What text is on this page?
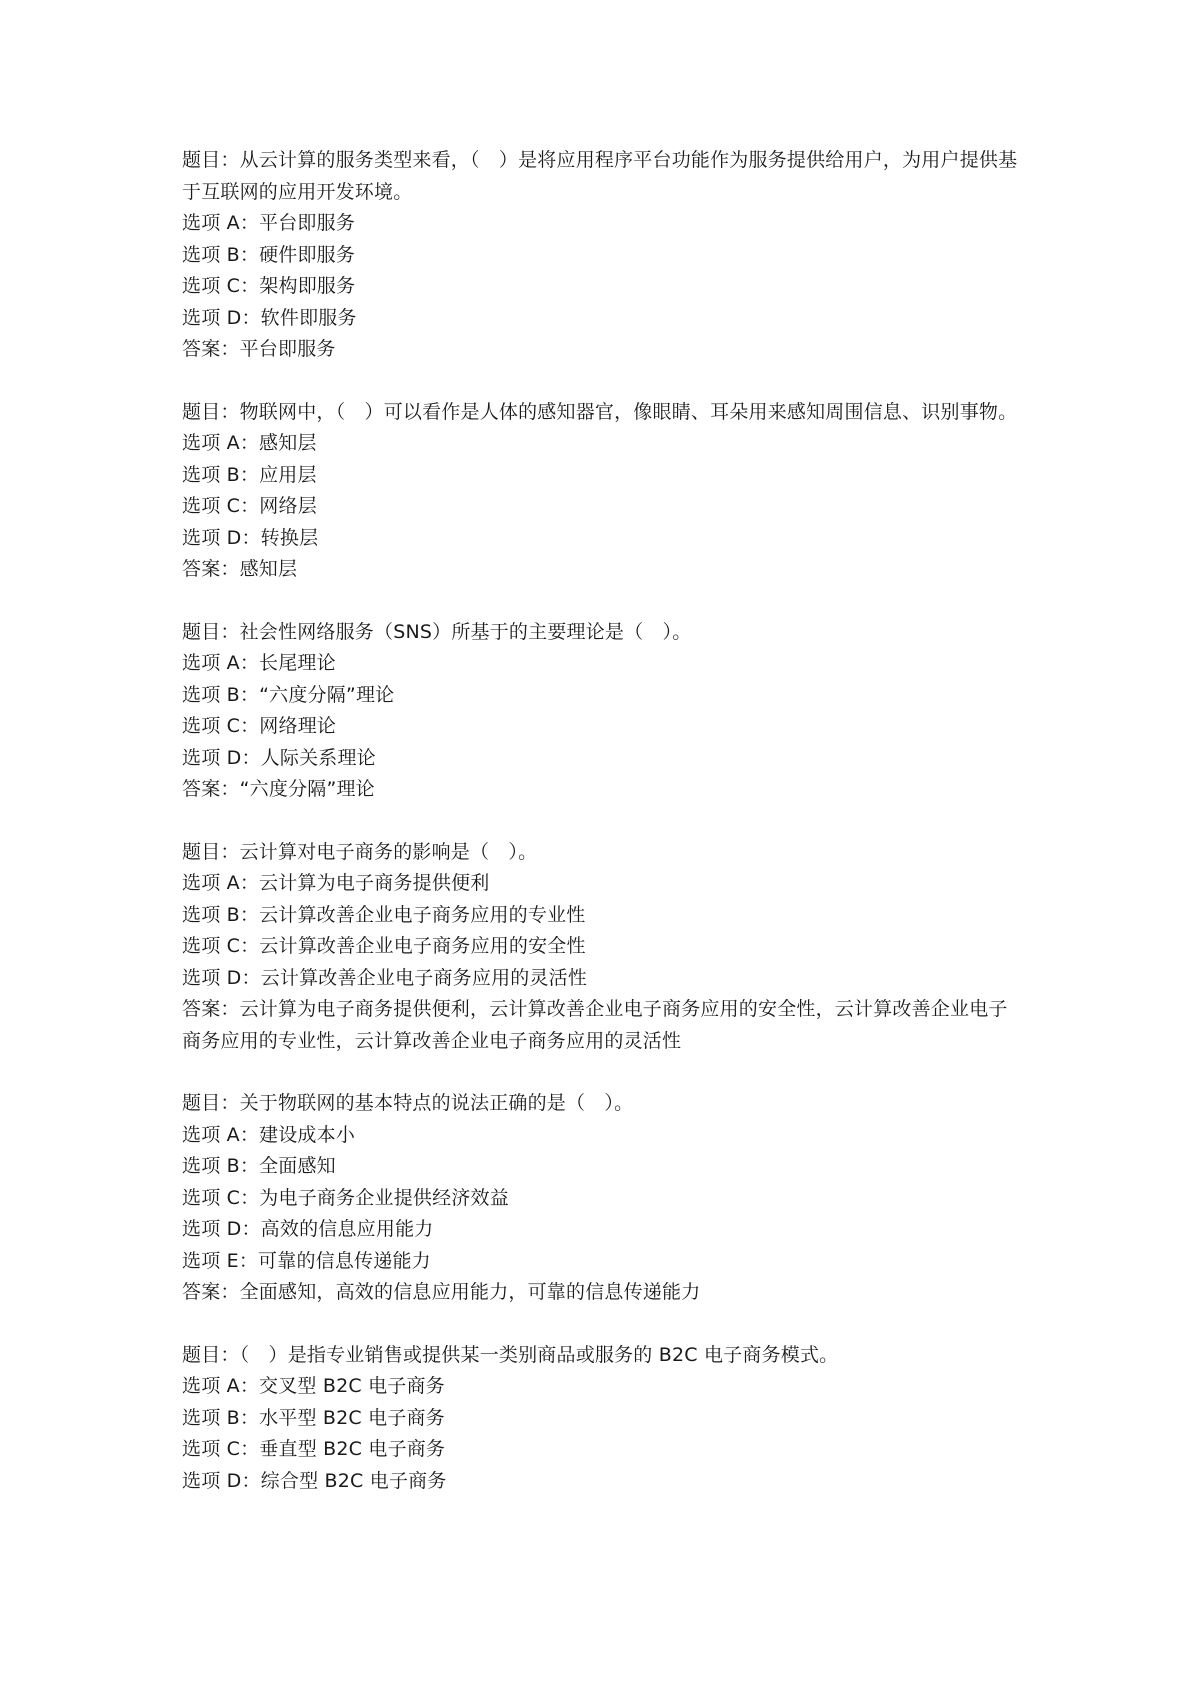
题目：从云计算的服务类型来看，（　）是将应用程序平台功能作为服务提供给用户，为用户提供基于互联网的应用开发环境。
选项 A：平台即服务
选项 B：硬件即服务
选项 C：架构即服务
选项 D：软件即服务
答案：平台即服务
题目：物联网中，（　）可以看作是人体的感知器官，像眼睛、耳朵用来感知周围信息、识别事物。
选项 A：感知层
选项 B：应用层
选项 C：网络层
选项 D：转换层
答案：感知层
题目：社会性网络服务（SNS）所基于的主要理论是（　）。
选项 A：长尾理论
选项 B：“六度分隔”理论
选项 C：网络理论
选项 D：人际关系理论
答案：“六度分隔”理论
题目：云计算对电子商务的影响是（　）。
选项 A：云计算为电子商务提供便利
选项 B：云计算改善企业电子商务应用的专业性
选项 C：云计算改善企业电子商务应用的安全性
选项 D：云计算改善企业电子商务应用的灵活性
答案：云计算为电子商务提供便利，云计算改善企业电子商务应用的安全性，云计算改善企业电子商务应用的专业性，云计算改善企业电子商务应用的灵活性
题目：关于物联网的基本特点的说法正确的是（　）。
选项 A：建设成本小
选项 B：全面感知
选项 C：为电子商务企业提供经济效益
选项 D：高效的信息应用能力
选项 E：可靠的信息传递能力
答案：全面感知，高效的信息应用能力，可靠的信息传递能力
题目：（　）是指专业销售或提供某一类别商品或服务的 B2C 电子商务模式。
选项 A：交叉型 B2C 电子商务
选项 B：水平型 B2C 电子商务
选项 C：垂直型 B2C 电子商务
选项 D：综合型 B2C 电子商务
